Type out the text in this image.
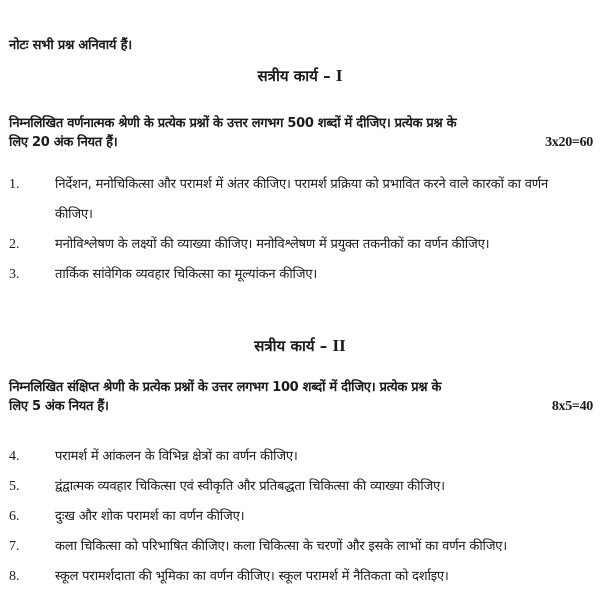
नोटः सभी प्रश्न अनिवार्य हैं।
सत्रीय कार्य – I
निम्नलिखित वर्णनात्मक श्रेणी के प्रत्येक प्रश्नों के उत्तर लगभग 500 शब्दों में दीजिए। प्रत्येक प्रश्न के
लिए 20 अंक नियत हैं।	3x20=60
1.	निर्देशन, मनोचिकित्सा और परामर्श में अंतर कीजिए। परामर्श प्रक्रिया को प्रभावित करने वाले कारकों का वर्णन कीजिए।
2.	मनोविश्लेषण के लक्ष्यों की व्याख्या कीजिए। मनोविश्लेषण में प्रयुक्त तकनीकों का वर्णन कीजिए।
3.	तार्किक सांवेगिक व्यवहार चिकित्सा का मूल्यांकन कीजिए।
सत्रीय कार्य – II
निम्नलिखित संक्षिप्त श्रेणी के प्रत्येक प्रश्नों के उत्तर लगभग 100 शब्दों में दीजिए। प्रत्येक प्रश्न के
लिए 5 अंक नियत हैं।	8x5=40
4.	परामर्श में आंकलन के विभिन्न क्षेत्रों का वर्णन कीजिए।
5.	द्वंद्वात्मक व्यवहार चिकित्सा एवं स्वीकृति और प्रतिबद्धता चिकित्सा की व्याख्या कीजिए।
6.	दुःख और शोक परामर्श का वर्णन कीजिए।
7.	कला चिकित्सा को परिभाषित कीजिए। कला चिकित्सा के चरणों और इसके लाभों का वर्णन कीजिए।
8.	स्कूल परामर्शदाता की भूमिका का वर्णन कीजिए। स्कूल परामर्श में नैतिकता को दर्शाइए।
